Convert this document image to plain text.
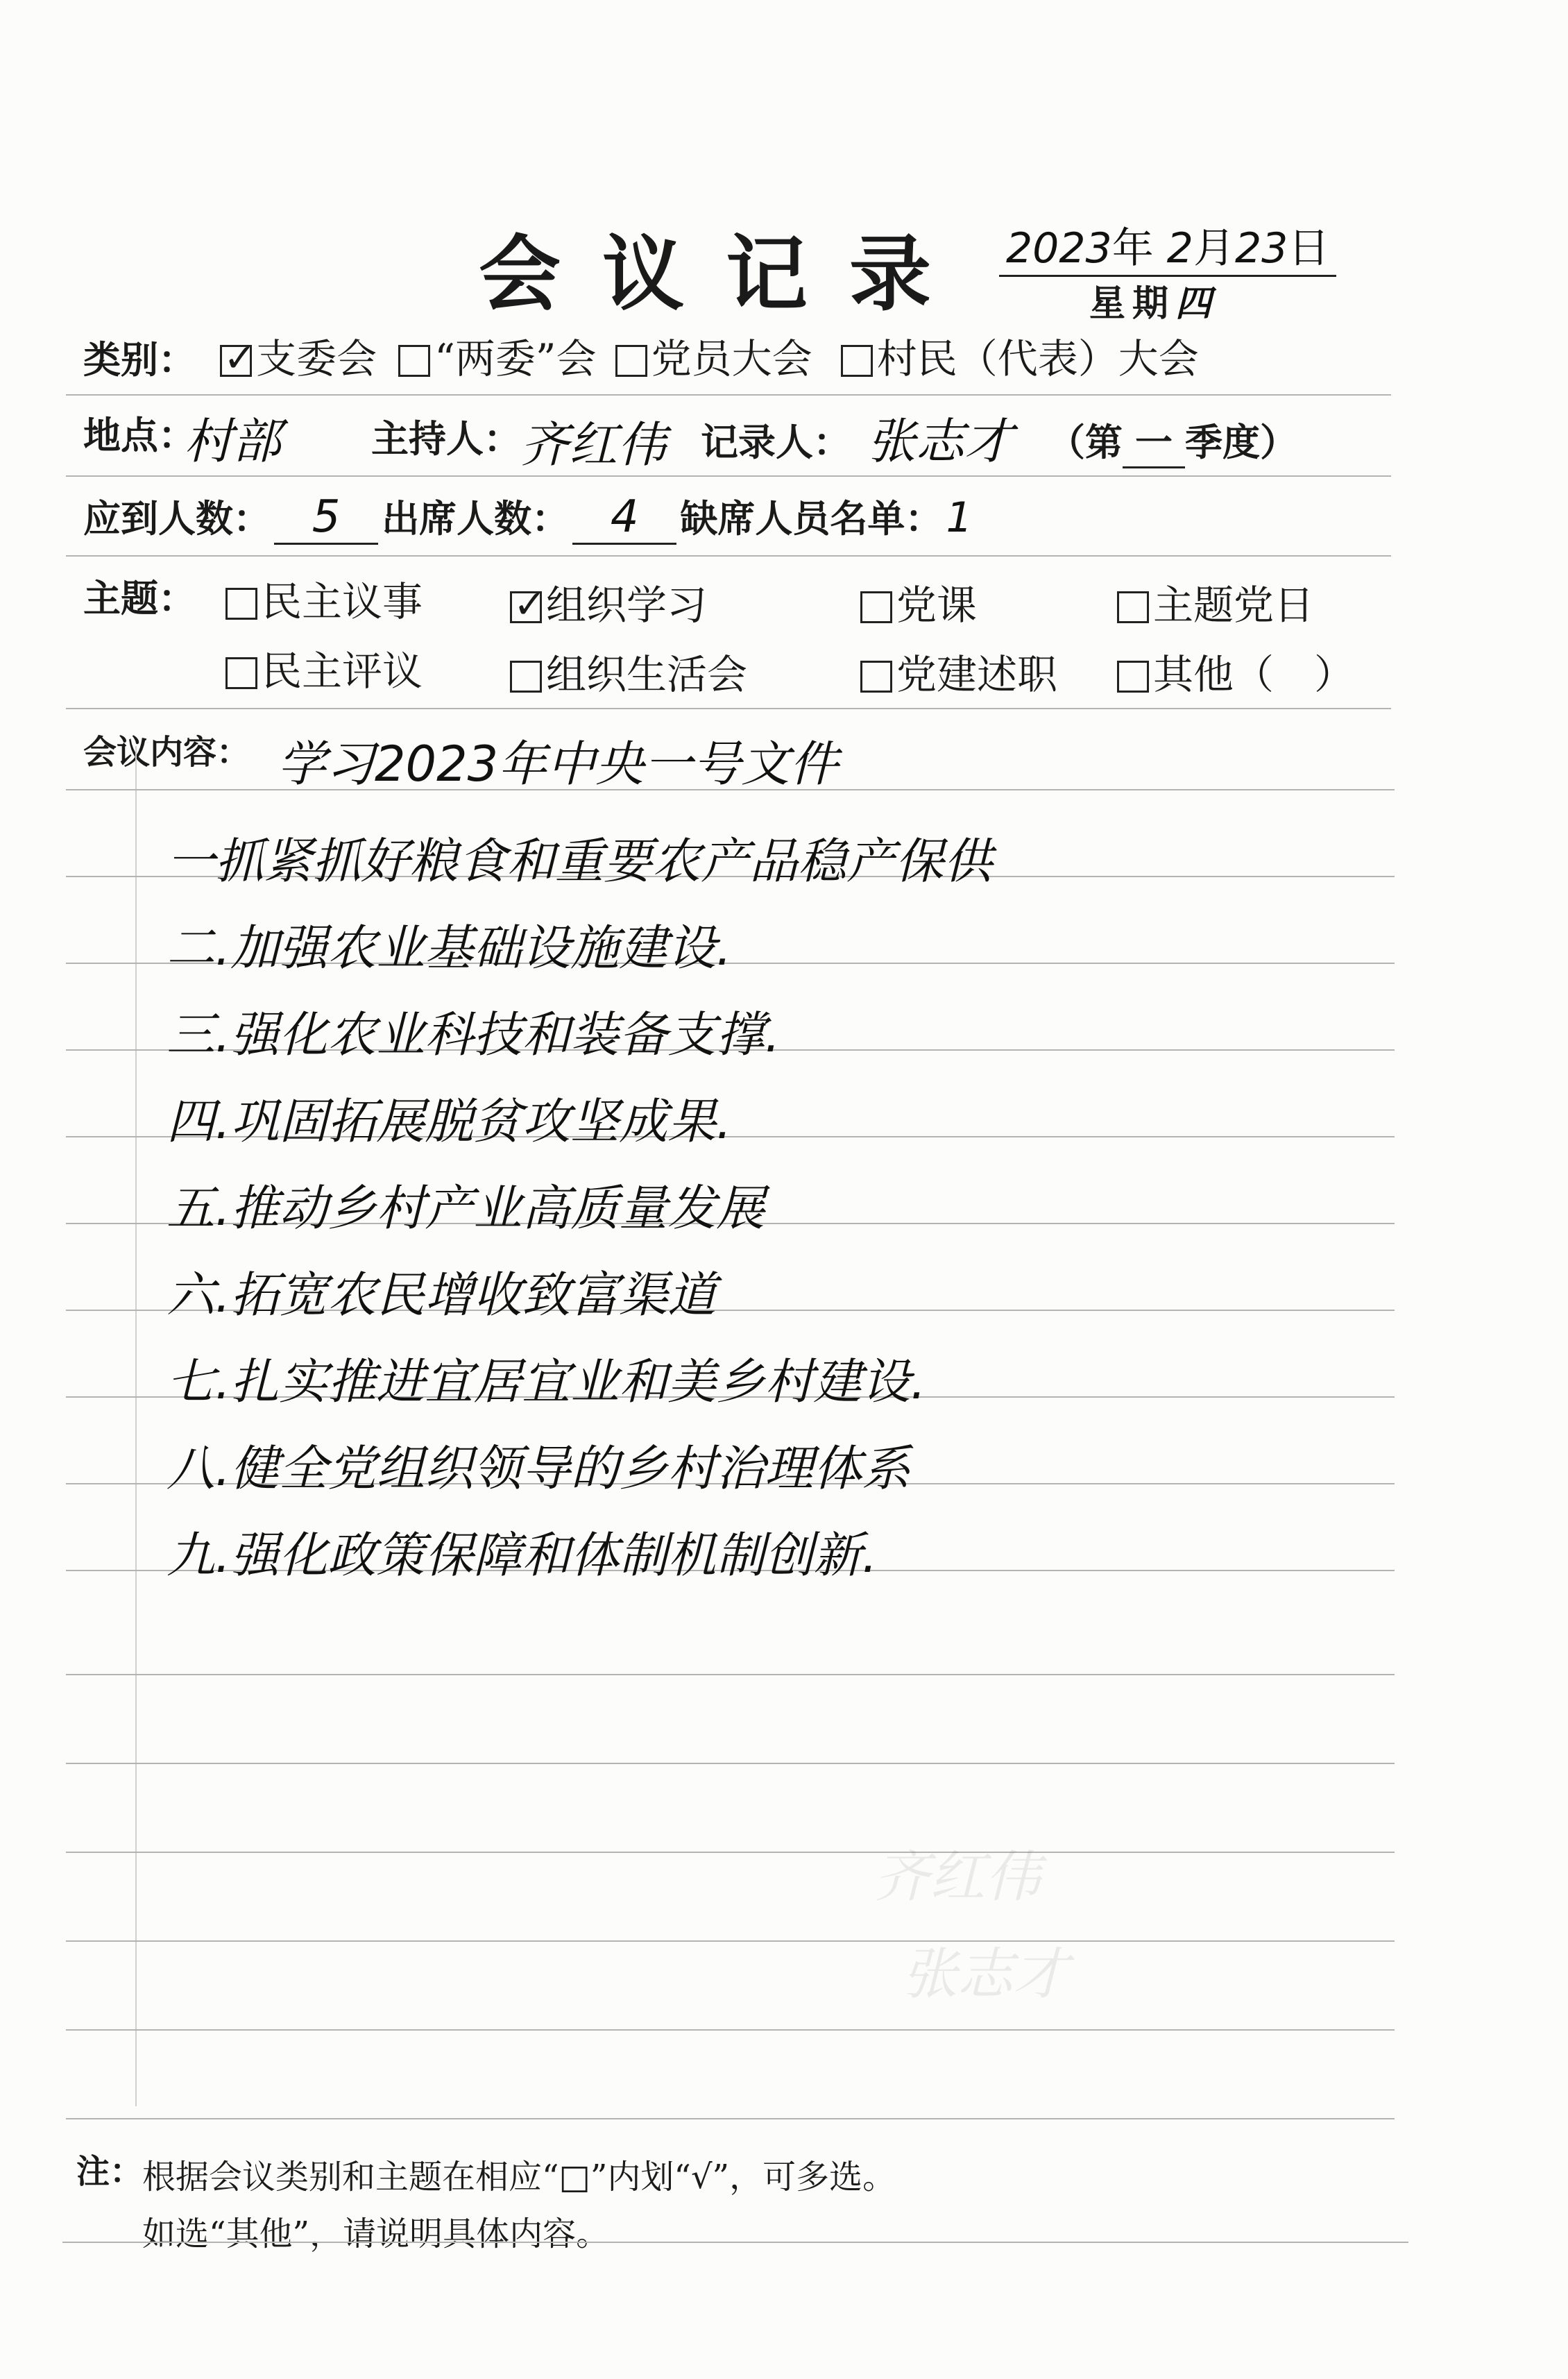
会议记录 2023年 2月23日
星期四
类别： ✓ 支委会 “两委”会 党员大会 村民（代表）大会
地点：
村部 主持人： 齐红伟 记录人： 张志才 （第 一 季度）
应到人数： 5 出席人数： 4 缺席人员名单： 1
主题：	民主议事 ✓	组织学习	党课	主题党日
民主评议	组织生活会	党建述职	其他（　）
会议内容： 学习2023年中央一号文件
一抓紧抓好粮食和重要农产品稳产保供
二.加强农业基础设施建设.
三.强化农业科技和装备支撑.
四.巩固拓展脱贫攻坚成果.
五.推动乡村产业高质量发展
六.拓宽农民增收致富渠道
七.扎实推进宜居宜业和美乡村建设.
八.健全党组织领导的乡村治理体系
九.强化政策保障和体制机制创新.
齐红伟
张志才
注：
根据会议类别和主题在相应“□”内划“√”，可多选。
如选“其他”，请说明具体内容。
